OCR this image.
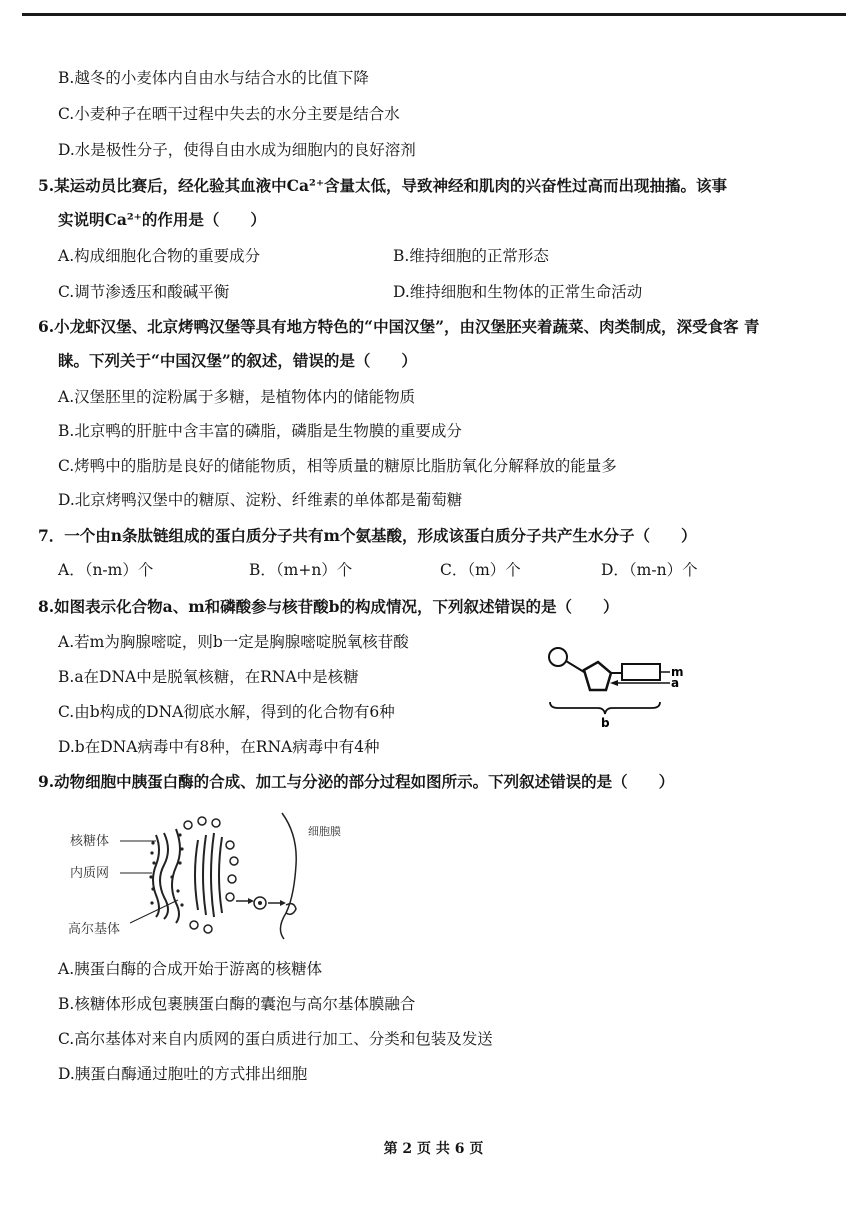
B.越冬的小麦体内自由水与结合水的比值下降
C.小麦种子在晒干过程中失去的水分主要是结合水
D.水是极性分子，使得自由水成为细胞内的良好溶剂
5.某运动员比赛后，经化验其血液中Ca²⁺含量太低，导致神经和肌肉的兴奋性过高而出现抽搐。该事
实说明Ca²⁺的作用是（　　）
A.构成细胞化合物的重要成分	B.维持细胞的正常形态
C.调节渗透压和酸碱平衡	D.维持细胞和生物体的正常生命活动
6.小龙虾汉堡、北京烤鸭汉堡等具有地方特色的“中国汉堡”，由汉堡胚夹着蔬菜、肉类制成，深受食客 青
睐。下列关于“中国汉堡”的叙述，错误的是（　　）
A.汉堡胚里的淀粉属于多糖，是植物体内的储能物质
B.北京鸭的肝脏中含丰富的磷脂，磷脂是生物膜的重要成分
C.烤鸭中的脂肪是良好的储能物质，相等质量的糖原比脂肪氧化分解释放的能量多
D.北京烤鸭汉堡中的糖原、淀粉、纤维素的单体都是葡萄糖
7．一个由n条肽链组成的蛋白质分子共有m个氨基酸，形成该蛋白质分子共产生水分子（　　）
A．（n-m）个	B．（m+n）个	C．（m）个	D．（m-n）个
8.如图表示化合物a、m和磷酸参与核苷酸b的构成情况，下列叙述错误的是（　　）
A.若m为胸腺嘧啶，则b一定是胸腺嘧啶脱氧核苷酸
B.a在DNA中是脱氧核糖，在RNA中是核糖
C.由b构成的DNA彻底水解，得到的化合物有6种
D.b在DNA病毒中有8种，在RNA病毒中有4种
m
a
b
9.动物细胞中胰蛋白酶的合成、加工与分泌的部分过程如图所示。下列叙述错误的是（　　）
核糖体
内质网
高尔基体
细胞膜
A.胰蛋白酶的合成开始于游离的核糖体
B.核糖体形成包裹胰蛋白酶的囊泡与高尔基体膜融合
C.高尔基体对来自内质网的蛋白质进行加工、分类和包装及发送
D.胰蛋白酶通过胞吐的方式排出细胞
第 2 页 共 6 页
